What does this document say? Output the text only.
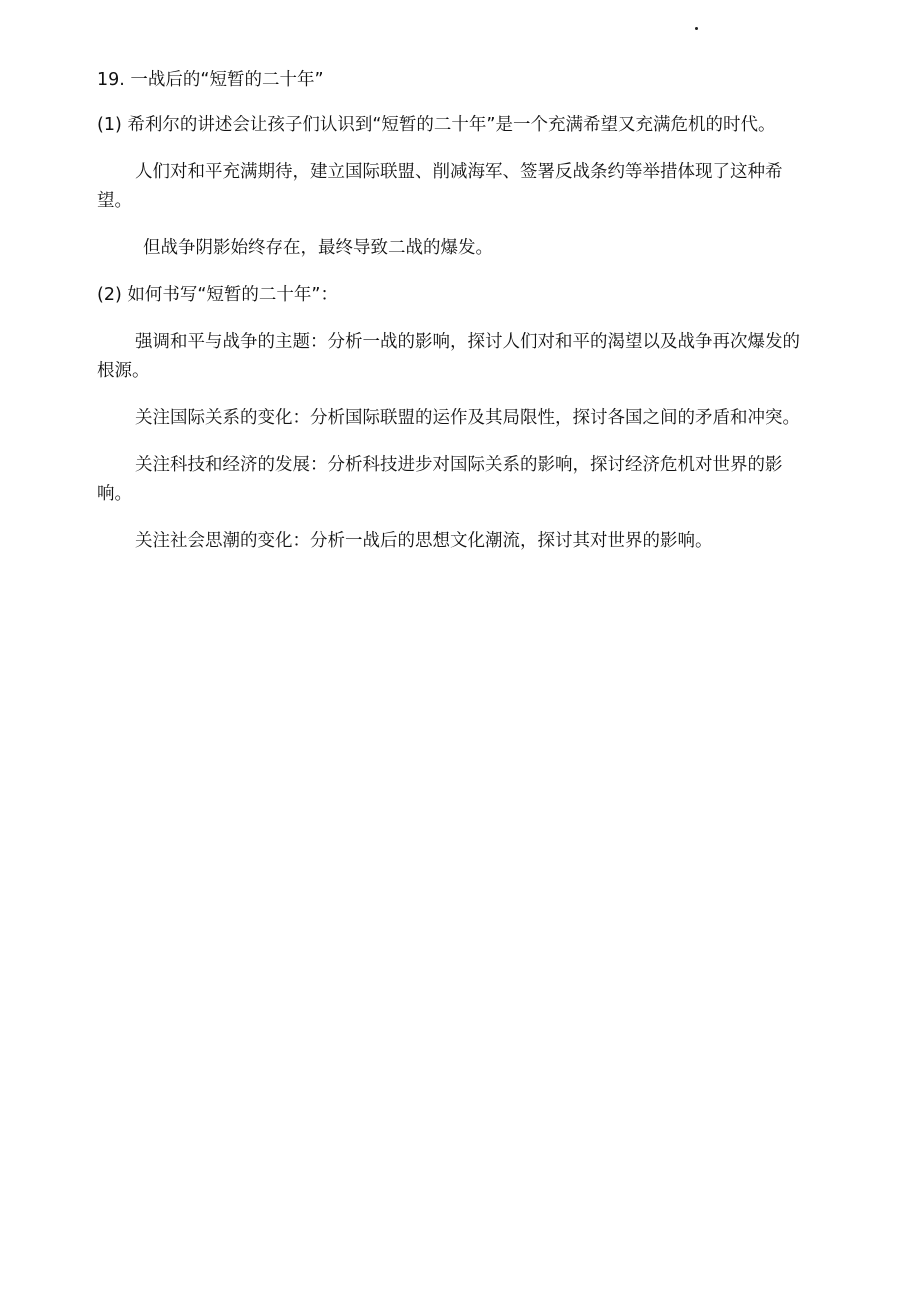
19. 一战后的“短暂的二十年”

(1) 希利尔的讲述会让孩子们认识到“短暂的二十年”是一个充满希望又充满危机的时代。

人们对和平充满期待，建立国际联盟、削减海军、签署反战条约等举措体现了这种希望。

但战争阴影始终存在，最终导致二战的爆发。

(2) 如何书写“短暂的二十年”：

强调和平与战争的主题：分析一战的影响，探讨人们对和平的渴望以及战争再次爆发的根源。

关注国际关系的变化：分析国际联盟的运作及其局限性，探讨各国之间的矛盾和冲突。

关注科技和经济的发展：分析科技进步对国际关系的影响，探讨经济危机对世界的影响。

关注社会思潮的变化：分析一战后的思想文化潮流，探讨其对世界的影响。
